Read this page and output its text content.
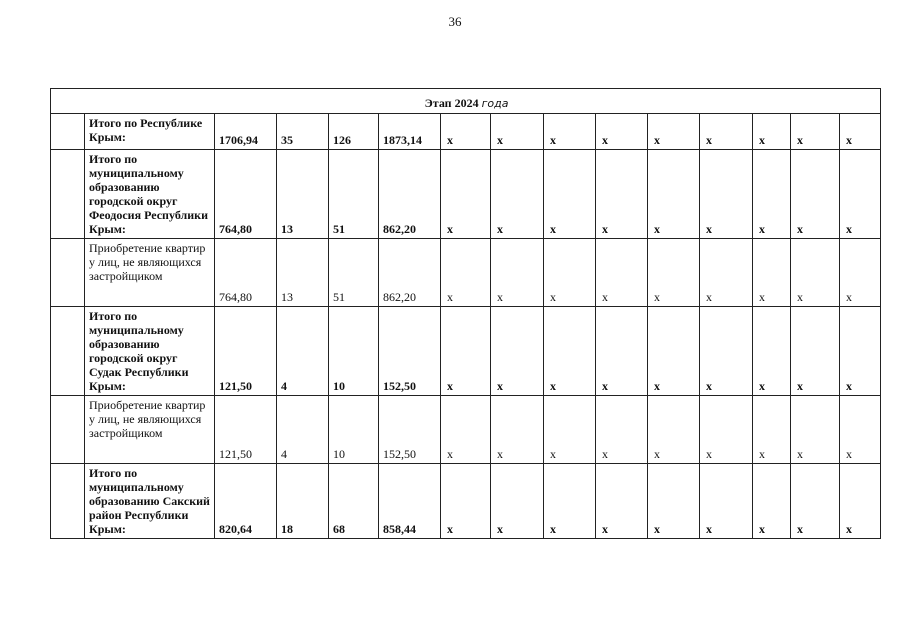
36
Этап 2024 года														
	Итого по Республике Крым:	1706,94	35	126	1873,14	x	x	x	x	x	x	x	x	x
	Итого по муниципальному образованию городской округ Феодосия Республики Крым:	764,80	13	51	862,20	x	x	x	x	x	x	x	x	x
	Приобретение квартир у лиц, не являющихся застройщиком	764,80	13	51	862,20	x	x	x	x	x	x	x	x	x
	Итого по муниципальному образованию городской округ Судак Республики Крым:	121,50	4	10	152,50	x	x	x	x	x	x	x	x	x
	Приобретение квартир у лиц, не являющихся застройщиком	121,50	4	10	152,50	x	x	x	x	x	x	x	x	x
	Итого по муниципальному образованию Сакский район Республики Крым:	820,64	18	68	858,44	x	x	x	x	x	x	x	x	x
